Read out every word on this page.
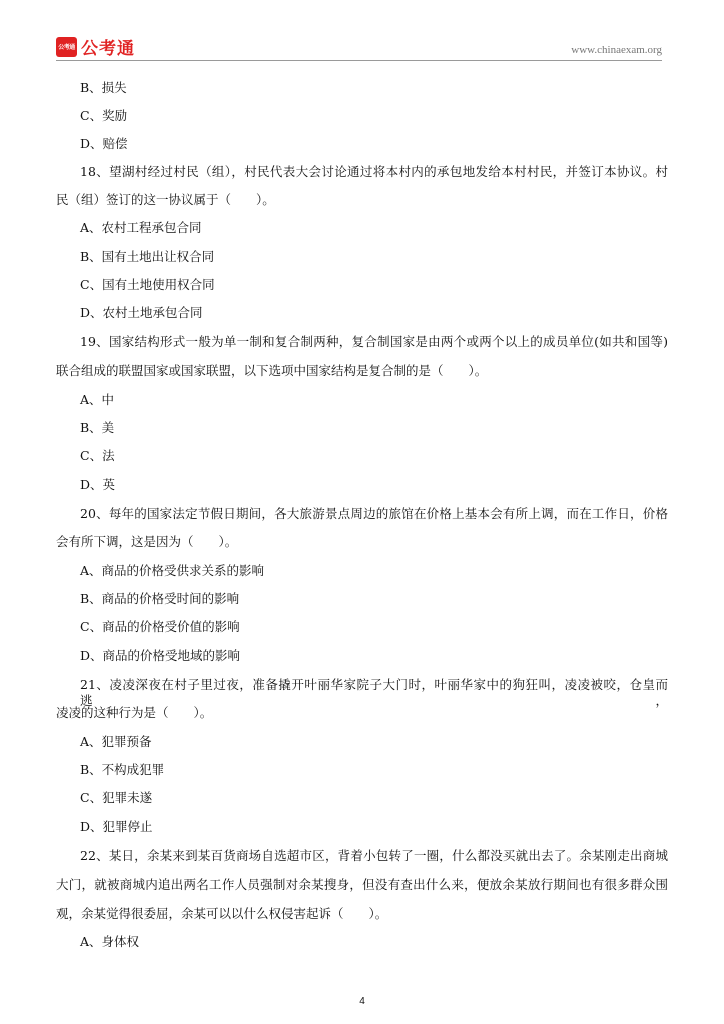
公考通 公考通	www.chinaexam.org
B、损失
C、奖励
D、赔偿
18、望湖村经过村民（组），村民代表大会讨论通过将本村内的承包地发给本村村民，并签订本协议。村
民（组）签订的这一协议属于（　　）。
A、农村工程承包合同
B、国有土地出让权合同
C、国有土地使用权合同
D、农村土地承包合同
19、国家结构形式一般为单一制和复合制两种，复合制国家是由两个或两个以上的成员单位(如共和国等)
联合组成的联盟国家或国家联盟，以下选项中国家结构是复合制的是（　　）。
A、中
B、美
C、法
D、英
20、每年的国家法定节假日期间，各大旅游景点周边的旅馆在价格上基本会有所上调，而在工作日，价格
会有所下调，这是因为（　　）。
A、商品的价格受供求关系的影响
B、商品的价格受时间的影响
C、商品的价格受价值的影响
D、商品的价格受地域的影响
21、凌凌深夜在村子里过夜，准备撬开叶丽华家院子大门时，叶丽华家中的狗狂叫，凌凌被咬，仓皇而逃，
凌凌的这种行为是（　　）。
A、犯罪预备
B、不构成犯罪
C、犯罪未遂
D、犯罪停止
22、某日，余某来到某百货商场自选超市区，背着小包转了一圈，什么都没买就出去了。余某刚走出商城
大门，就被商城内追出两名工作人员强制对余某搜身，但没有查出什么来，便放余某放行期间也有很多群众围
观，余某觉得很委屈，余某可以以什么权侵害起诉（　　）。
A、身体权
4
